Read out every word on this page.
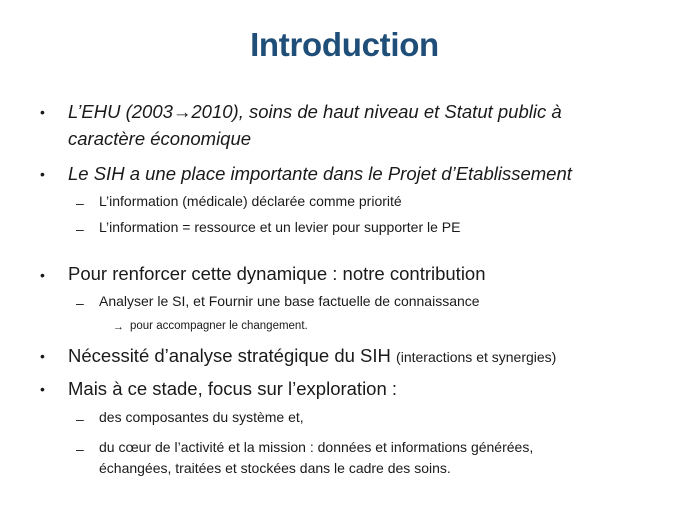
Introduction
• L’EHU (2003→2010), soins de haut niveau et Statut public à
caractère économique
• Le SIH a une place importante dans le Projet d’Etablissement
– L’information (médicale) déclarée comme priorité
– L’information = ressource et un levier pour supporter le PE
• Pour renforcer cette dynamique : notre contribution
– Analyser le SI, et Fournir une base factuelle de connaissance
→ pour accompagner le changement.
• Nécessité d’analyse stratégique du SIH (interactions et synergies)
• Mais à ce stade, focus sur l’exploration :
– des composantes du système et,
– du cœur de l’activité et la mission : données et informations générées,
échangées, traitées et stockées dans le cadre des soins.
